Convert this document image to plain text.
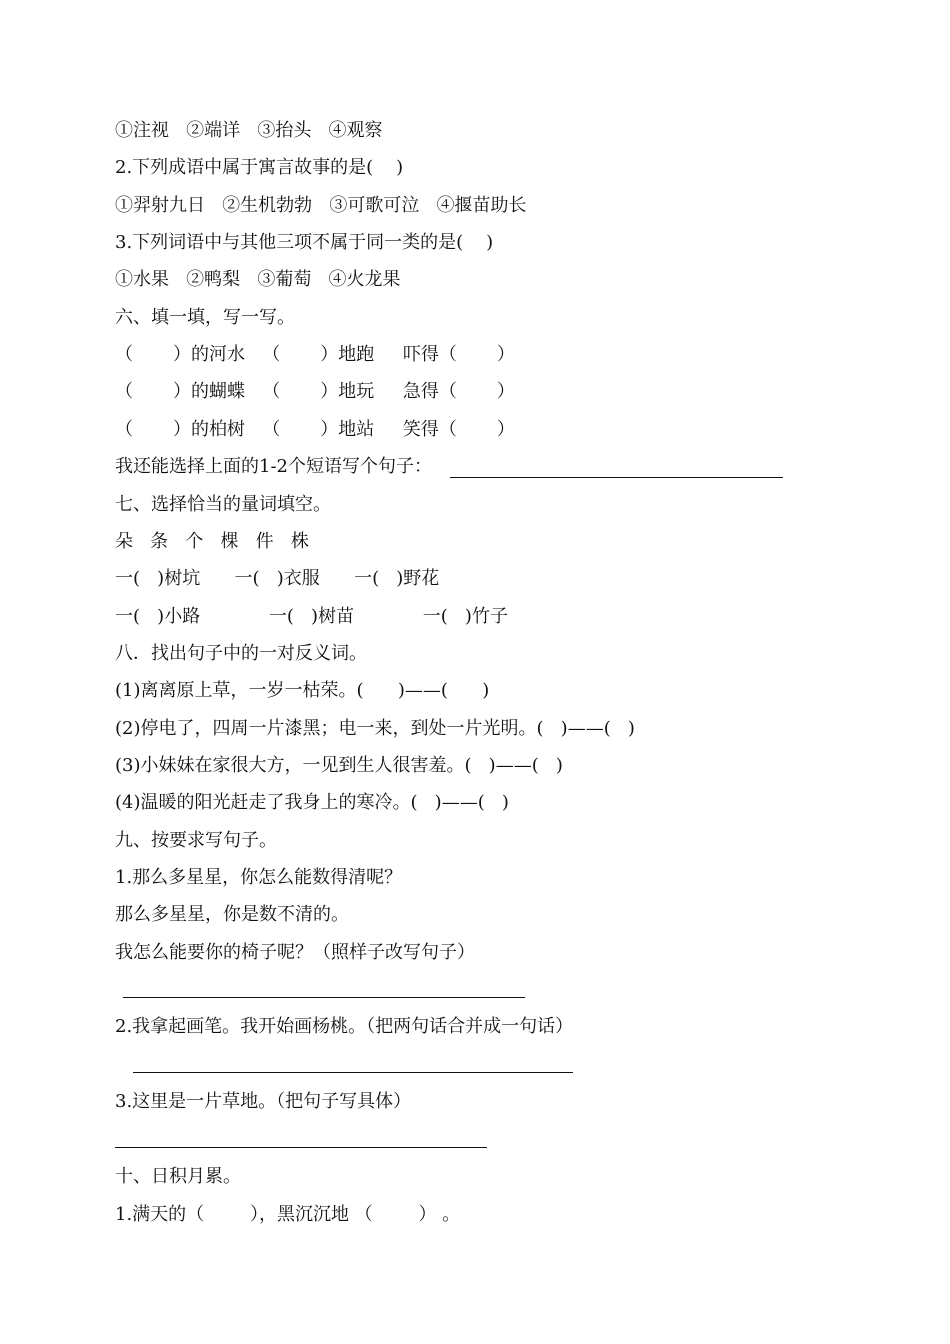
①注视   ②端详   ③抬头   ④观察
2.下列成语中属于寓言故事的是(    )
①羿射九日   ②生机勃勃   ③可歌可泣   ④揠苗助长
3.下列词语中与其他三项不属于同一类的是(    )
①水果   ②鸭梨   ③葡萄   ④火龙果
六、填一填，写一写。
（       ）的河水   （       ）地跑     吓得（       ）
（       ）的蝴蝶   （       ）地玩     急得（       ）
（       ）的柏树   （       ）地站     笑得（       ）
我还能选择上面的1-2个短语写个句子：
七、选择恰当的量词填空。
朵   条   个   棵   件   株
一(   )树坑      一(   )衣服      一(   )野花
一(   )小路            一(   )树苗            一(   )竹子
八．找出句子中的一对反义词。
(1)离离原上草，一岁一枯荣。(      )——(      )
(2)停电了，四周一片漆黑；电一来，到处一片光明。(   )——(   )
(3)小妹妹在家很大方，一见到生人很害羞。(   )——(   )
(4)温暖的阳光赶走了我身上的寒冷。(   )——(   )
九、按要求写句子。
1.那么多星星，你怎么能数得清呢？
那么多星星，你是数不清的。
我怎么能要你的椅子呢？（照样子改写句子）
2.我拿起画笔。我开始画杨桃。（把两句话合并成一句话）
3.这里是一片草地。（把句子写具体）
十、日积月累。
1.满天的（        ），黑沉沉地 （        ） 。
